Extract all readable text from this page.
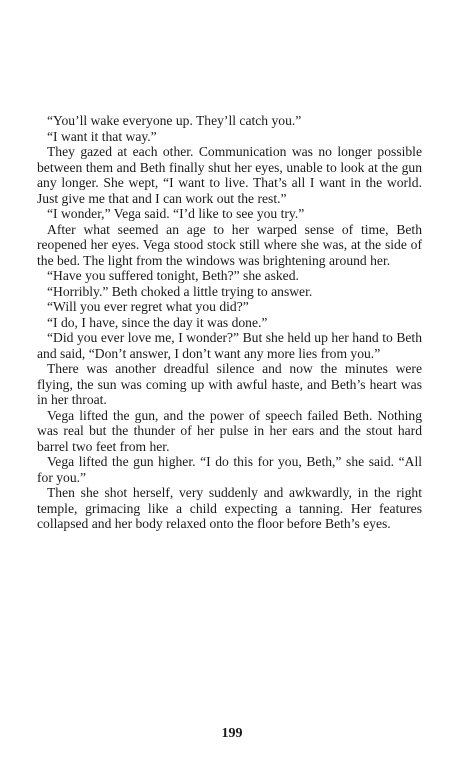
“You’ll wake everyone up. They’ll catch you.”

“I want it that way.”

They gazed at each other. Communication was no longer possible between them and Beth finally shut her eyes, unable to look at the gun any longer. She wept, “I want to live. That’s all I want in the world. Just give me that and I can work out the rest.”

“I wonder,” Vega said. “I’d like to see you try.”

After what seemed an age to her warped sense of time, Beth reopened her eyes. Vega stood stock still where she was, at the side of the bed. The light from the windows was brightening around her.

“Have you suffered tonight, Beth?” she asked.

“Horribly.” Beth choked a little trying to answer.

“Will you ever regret what you did?”

“I do, I have, since the day it was done.”

“Did you ever love me, I wonder?” But she held up her hand to Beth and said, “Don’t answer, I don’t want any more lies from you.”

There was another dreadful silence and now the minutes were flying, the sun was coming up with awful haste, and Beth’s heart was in her throat.

Vega lifted the gun, and the power of speech failed Beth. Nothing was real but the thunder of her pulse in her ears and the stout hard barrel two feet from her.

Vega lifted the gun higher. “I do this for you, Beth,” she said. “All for you.”

Then she shot herself, very suddenly and awkwardly, in the right temple, grimacing like a child expecting a tanning. Her features collapsed and her body relaxed onto the floor before Beth’s eyes.

199
